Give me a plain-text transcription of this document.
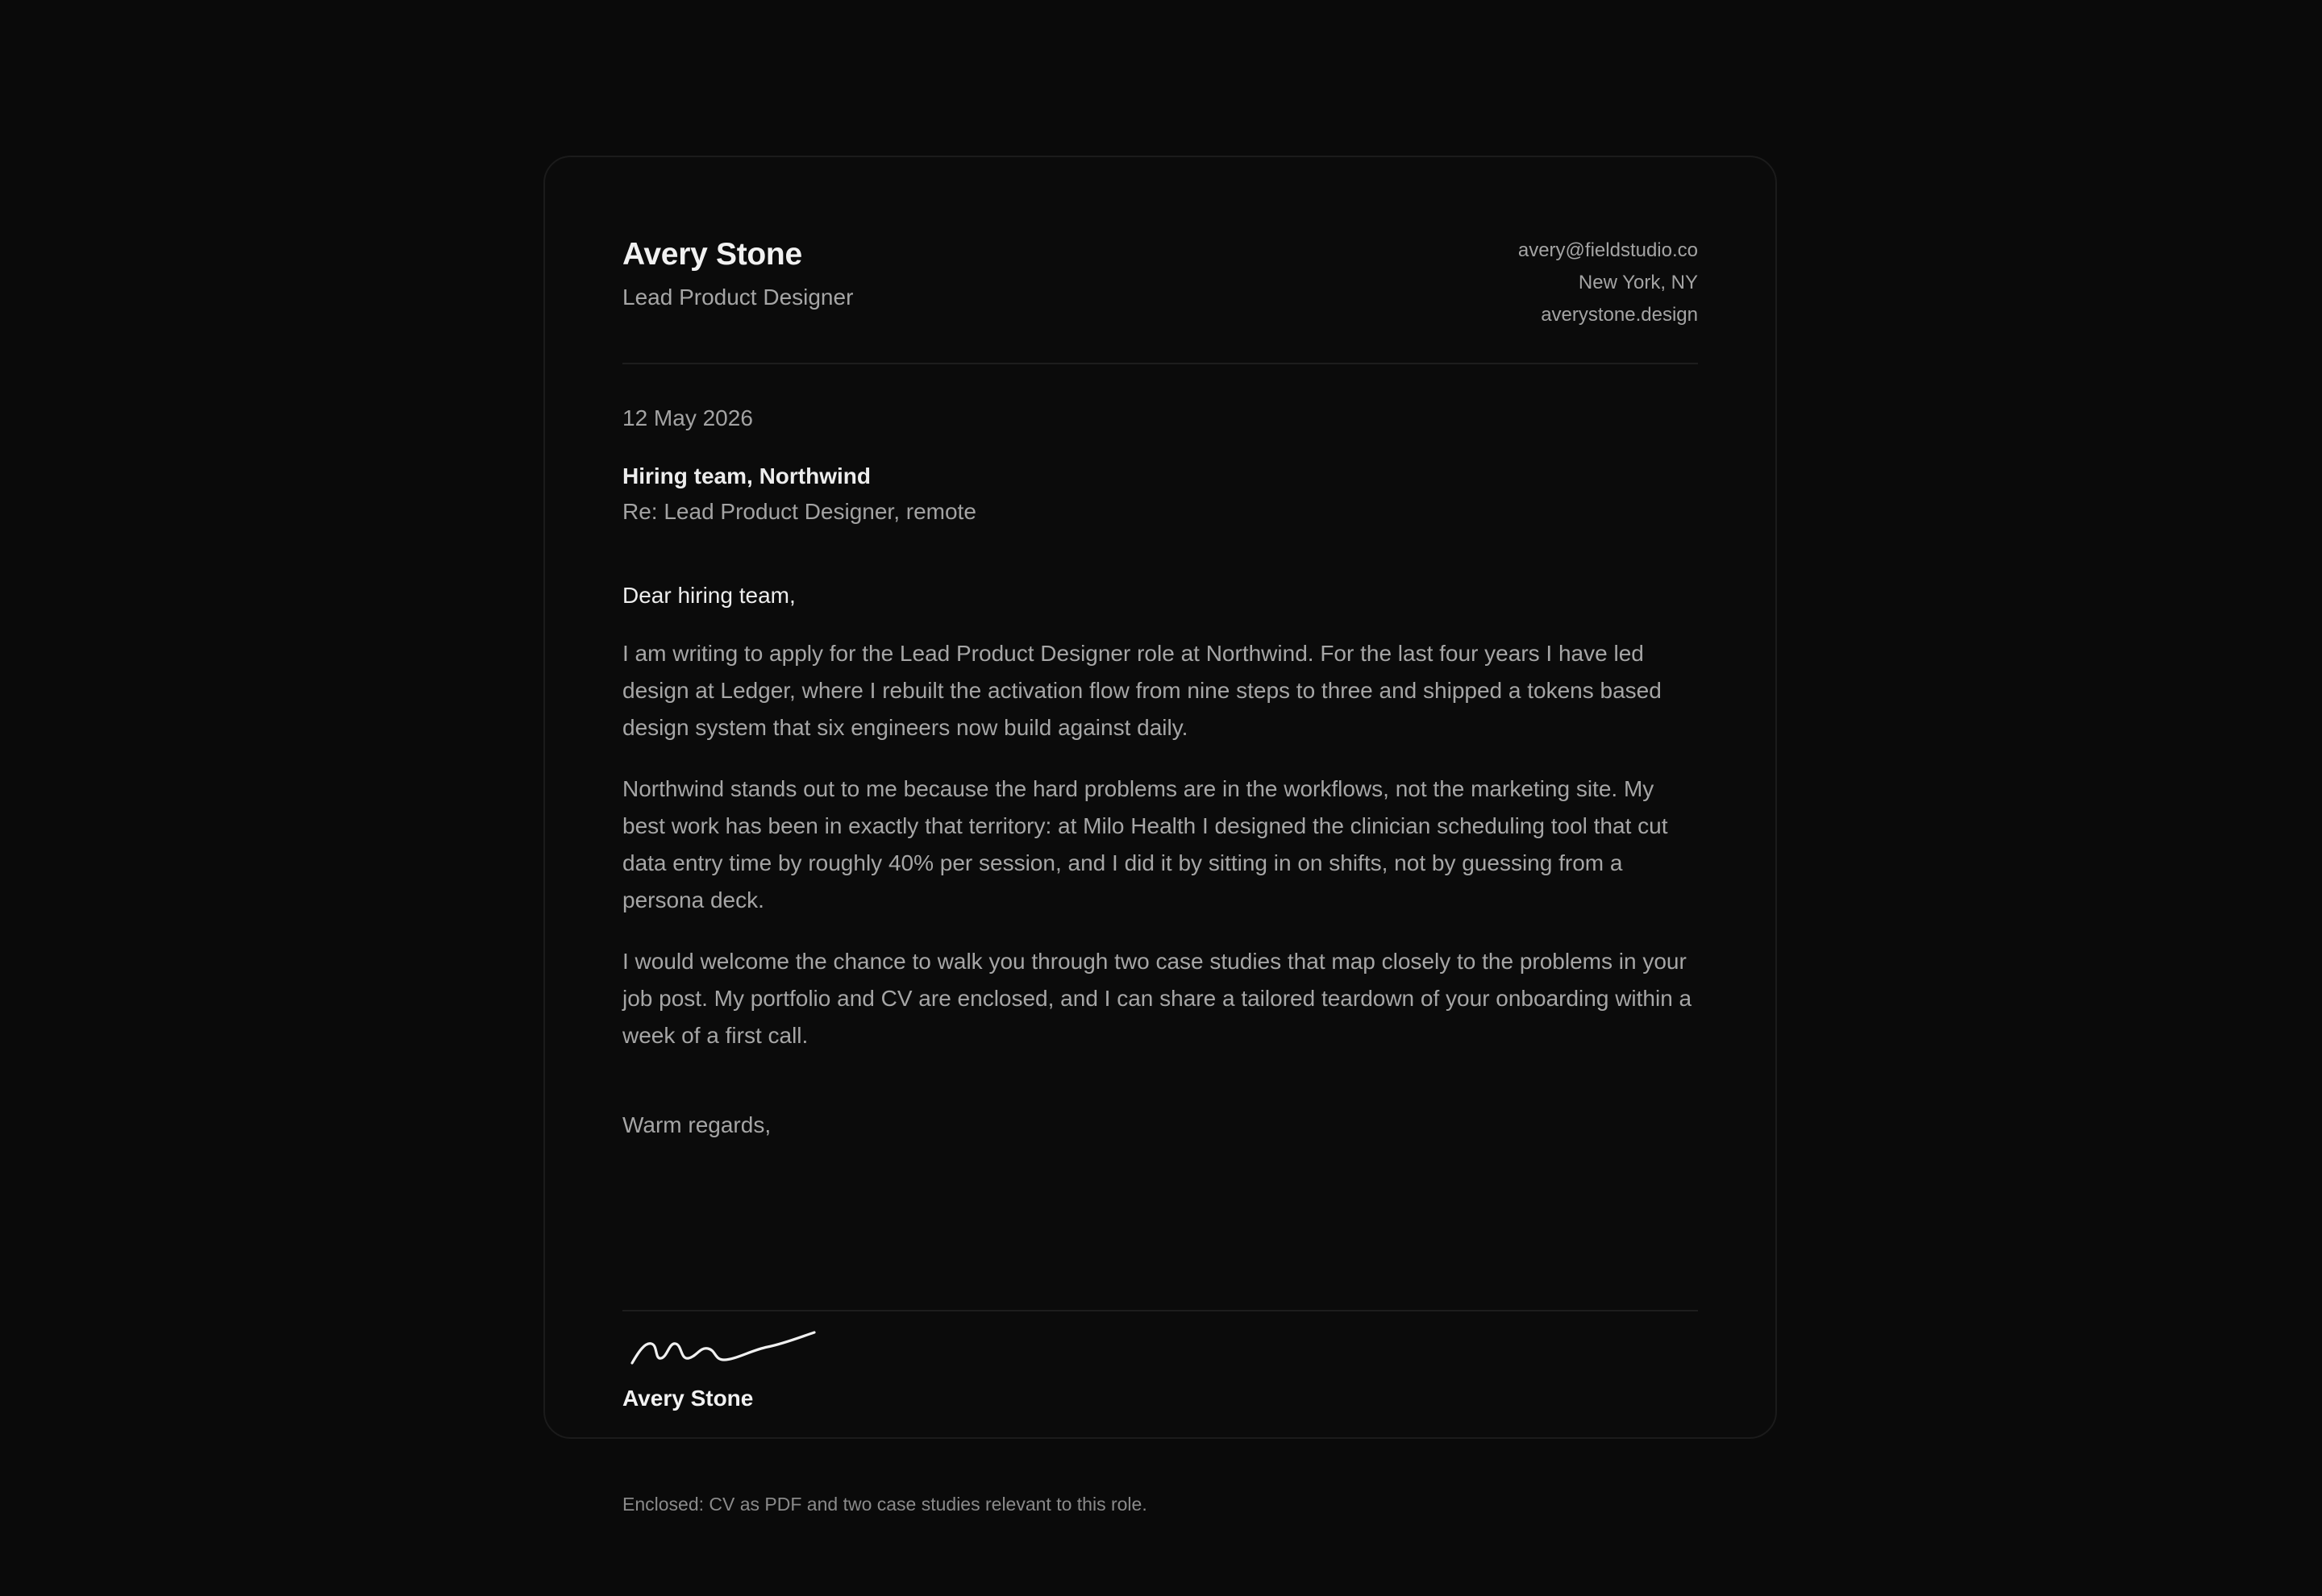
Avery Stone
Lead Product Designer
avery@fieldstudio.co
New York, NY
averystone.design
12 May 2026
Hiring team, Northwind
Re: Lead Product Designer, remote
Dear hiring team,

I am writing to apply for the Lead Product Designer role at Northwind. For the last four years I have led design at Ledger, where I rebuilt the activation flow from nine steps to three and shipped a tokens based design system that six engineers now build against daily.

Northwind stands out to me because the hard problems are in the workflows, not the marketing site. My best work has been in exactly that territory: at Milo Health I designed the clinician scheduling tool that cut data entry time by roughly 40% per session, and I did it by sitting in on shifts, not by guessing from a persona deck.

I would welcome the chance to walk you through two case studies that map closely to the problems in your job post. My portfolio and CV are enclosed, and I can share a tailored teardown of your onboarding within a week of a first call.

Warm regards,
Avery Stone
Enclosed: CV as PDF and two case studies relevant to this role.
